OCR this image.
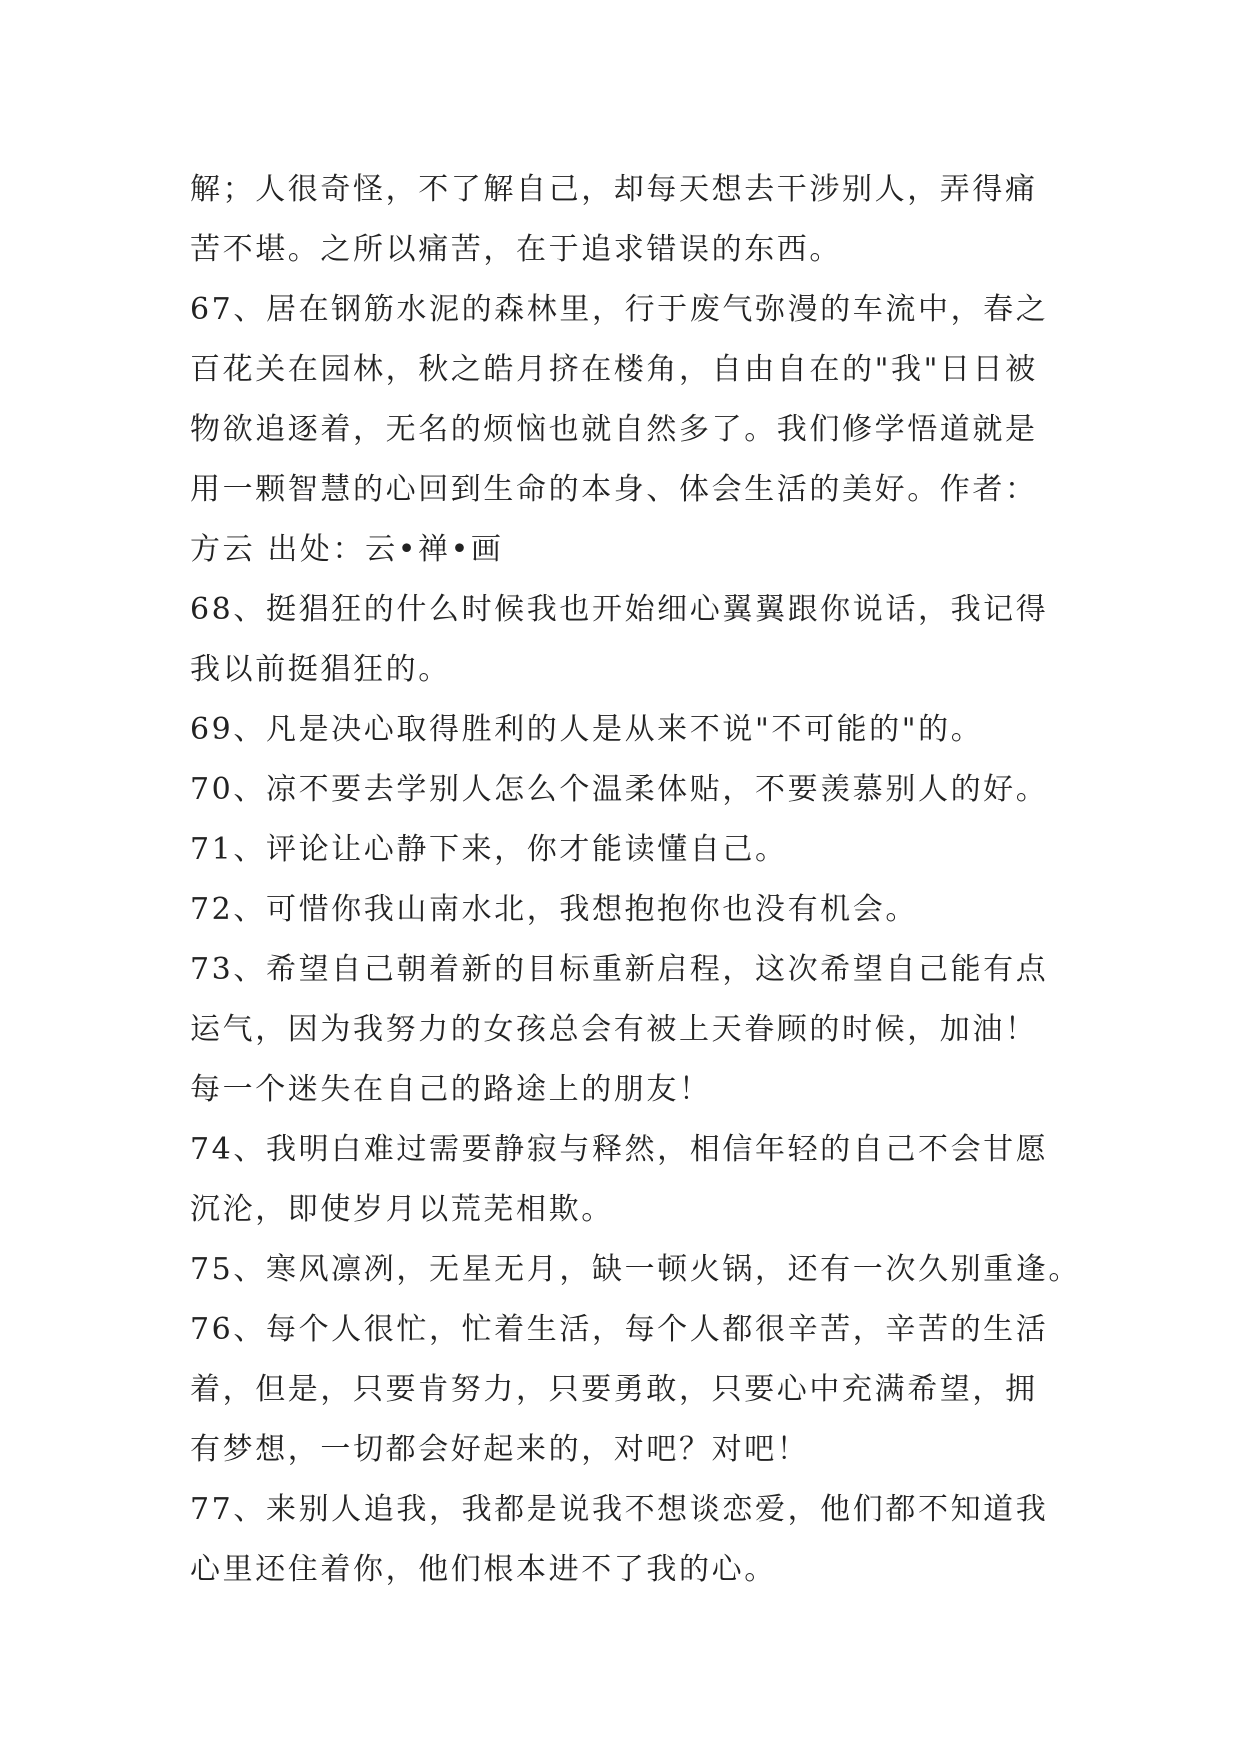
解；人很奇怪，不了解自己，却每天想去干涉别人，弄得痛
苦不堪。之所以痛苦，在于追求错误的东西。
67、居在钢筋水泥的森林里，行于废气弥漫的车流中，春之
百花关在园林，秋之皓月挤在楼角，自由自在的"我"日日被
物欲追逐着，无名的烦恼也就自然多了。我们修学悟道就是
用一颗智慧的心回到生命的本身、体会生活的美好。作者：
方云 出处：云•禅•画
68、挺猖狂的什么时候我也开始细心翼翼跟你说话，我记得
我以前挺猖狂的。
69、凡是决心取得胜利的人是从来不说"不可能的"的。
70、凉不要去学别人怎么个温柔体贴，不要羡慕别人的好。
71、评论让心静下来，你才能读懂自己。
72、可惜你我山南水北，我想抱抱你也没有机会。
73、希望自己朝着新的目标重新启程，这次希望自己能有点
运气，因为我努力的女孩总会有被上天眷顾的时候，加油！
每一个迷失在自己的路途上的朋友！
74、我明白难过需要静寂与释然，相信年轻的自己不会甘愿
沉沦，即使岁月以荒芜相欺。
75、寒风凛冽，无星无月，缺一顿火锅，还有一次久别重逢。
76、每个人很忙，忙着生活，每个人都很辛苦，辛苦的生活
着，但是，只要肯努力，只要勇敢，只要心中充满希望，拥
有梦想，一切都会好起来的，对吧？对吧！
77、来别人追我，我都是说我不想谈恋爱，他们都不知道我
心里还住着你，他们根本进不了我的心。
